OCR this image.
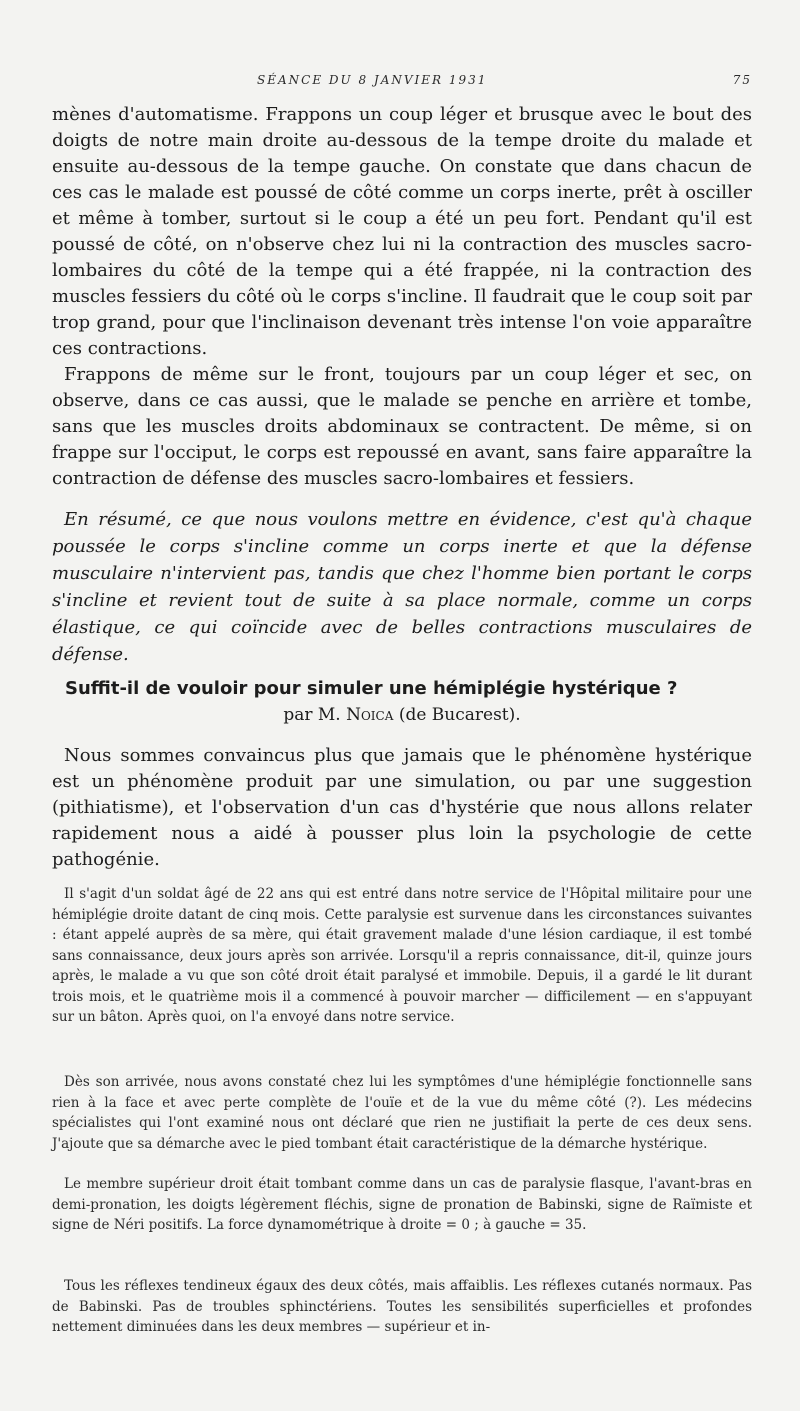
SÉANCE DU 8 JANVIER 1931	75
mènes d'automatisme. Frappons un coup léger et brusque avec le bout des doigts de notre main droite au-dessous de la tempe droite du malade et ensuite au-dessous de la tempe gauche. On constate que dans chacun de ces cas le malade est poussé de côté comme un corps inerte, prêt à osciller et même à tomber, surtout si le coup a été un peu fort. Pendant qu'il est poussé de côté, on n'observe chez lui ni la contraction des muscles sacro-lombaires du côté de la tempe qui a été frappée, ni la contraction des muscles fessiers du côté où le corps s'incline. Il faudrait que le coup soit par trop grand, pour que l'inclinaison devenant très intense l'on voie apparaître ces contractions.
Frappons de même sur le front, toujours par un coup léger et sec, on observe, dans ce cas aussi, que le malade se penche en arrière et tombe, sans que les muscles droits abdominaux se contractent. De même, si on frappe sur l'occiput, le corps est repoussé en avant, sans faire apparaître la contraction de défense des muscles sacro-lombaires et fessiers.

En résumé, ce que nous voulons mettre en évidence, c'est qu'à chaque poussée le corps s'incline comme un corps inerte et que la défense musculaire n'intervient pas, tandis que chez l'homme bien portant le corps s'incline et revient tout de suite à sa place normale, comme un corps élastique, ce qui coïncide avec de belles contractions musculaires de défense.

Suffit-il de vouloir pour simuler une hémiplégie hystérique ?

par M. Noica (de Bucarest).

Nous sommes convaincus plus que jamais que le phénomène hystérique est un phénomène produit par une simulation, ou par une suggestion (pithiatisme), et l'observation d'un cas d'hystérie que nous allons relater rapidement nous a aidé à pousser plus loin la psychologie de cette pathogénie.

Il s'agit d'un soldat âgé de 22 ans qui est entré dans notre service de l'Hôpital militaire pour une hémiplégie droite datant de cinq mois. Cette paralysie est survenue dans les circonstances suivantes : étant appelé auprès de sa mère, qui était gravement malade d'une lésion cardiaque, il est tombé sans connaissance, deux jours après son arrivée. Lorsqu'il a repris connaissance, dit-il, quinze jours après, le malade a vu que son côté droit était paralysé et immobile. Depuis, il a gardé le lit durant trois mois, et le quatrième mois il a commencé à pouvoir marcher — difficilement — en s'appuyant sur un bâton. Après quoi, on l'a envoyé dans notre service.

Dès son arrivée, nous avons constaté chez lui les symptômes d'une hémiplégie fonctionnelle sans rien à la face et avec perte complète de l'ouïe et de la vue du même côté (?). Les médecins spécialistes qui l'ont examiné nous ont déclaré que rien ne justifiait la perte de ces deux sens. J'ajoute que sa démarche avec le pied tombant était caractéristique de la démarche hystérique.

Le membre supérieur droit était tombant comme dans un cas de paralysie flasque, l'avant-bras en demi-pronation, les doigts légèrement fléchis, signe de pronation de Babinski, signe de Raïmiste et signe de Néri positifs. La force dynamométrique à droite = 0 ; à gauche = 35.

Tous les réflexes tendineux égaux des deux côtés, mais affaiblis. Les réflexes cutanés normaux. Pas de Babinski. Pas de troubles sphinctériens. Toutes les sensibilités superficielles et profondes nettement diminuées dans les deux membres — supérieur et in-
